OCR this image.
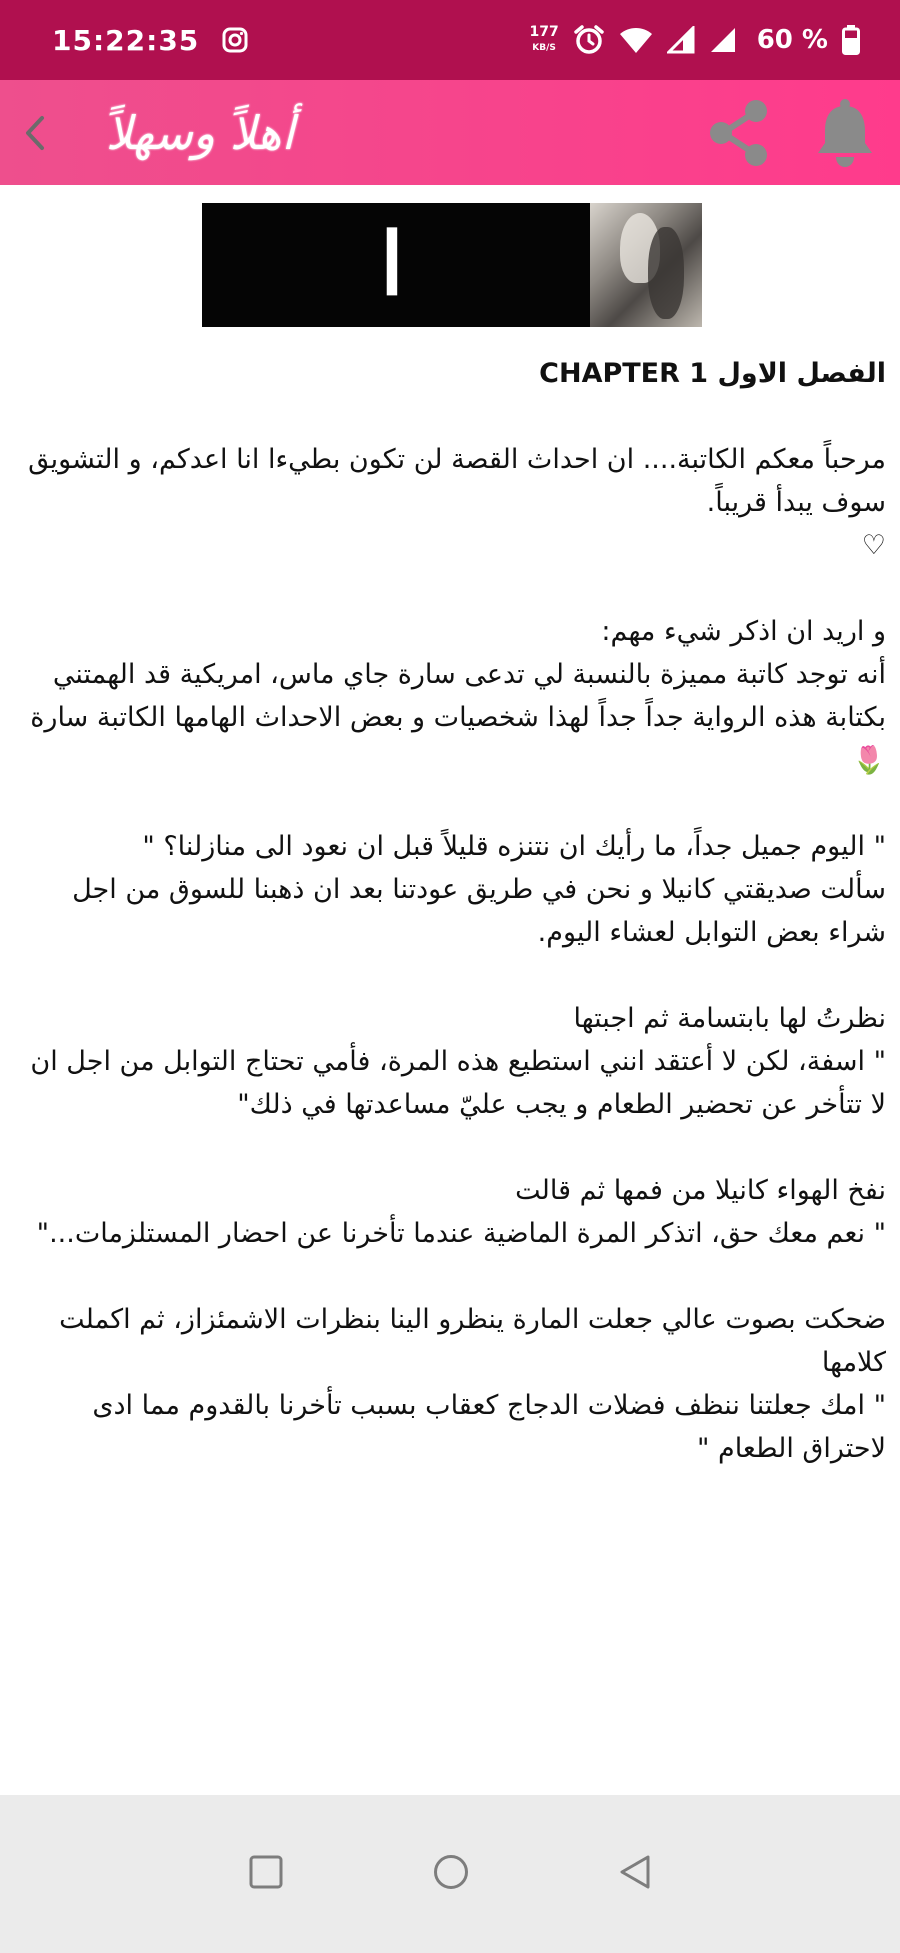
15:22:35	177
KB/S	60 %
أهلاً وسهلاً
ا

الفصل الاول CHAPTER 1

مرحباً معكم الكاتبة.... ان احداث القصة لن تكون بطيءا انا اعدكم، و التشويق سوف يبدأ قريباً.

♡

و اريد ان اذكر شيء مهم:
أنه توجد كاتبة مميزة بالنسبة لي تدعى سارة جاي ماس، امريكية قد الهمتني بكتابة هذه الرواية جداً جداً لهذا شخصيات و بعض الاحداث الهامها الكاتبة سارة 🌷

" اليوم جميل جداً، ما رأيك ان نتنزه قليلاً قبل ان نعود الى منازلنا؟ "
سألت صديقتي كانيلا و نحن في طريق عودتنا بعد ان ذهبنا للسوق من اجل شراء بعض التوابل لعشاء اليوم.

نظرتُ لها بابتسامة ثم اجبتها
" اسفة، لكن لا أعتقد انني استطيع هذه المرة، فأمي تحتاج التوابل من اجل ان لا تتأخر عن تحضير الطعام و يجب عليّ مساعدتها في ذلك"

نفخ الهواء كانيلا من فمها ثم قالت
" نعم معك حق، اتذكر المرة الماضية عندما تأخرنا عن احضار المستلزمات..."

ضحكت بصوت عالي جعلت المارة ينظرو الينا بنظرات الاشمئزاز، ثم اكملت كلامها
" امك جعلتنا ننظف فضلات الدجاج كعقاب بسبب تأخرنا بالقدوم مما ادى لاحتراق الطعام "
